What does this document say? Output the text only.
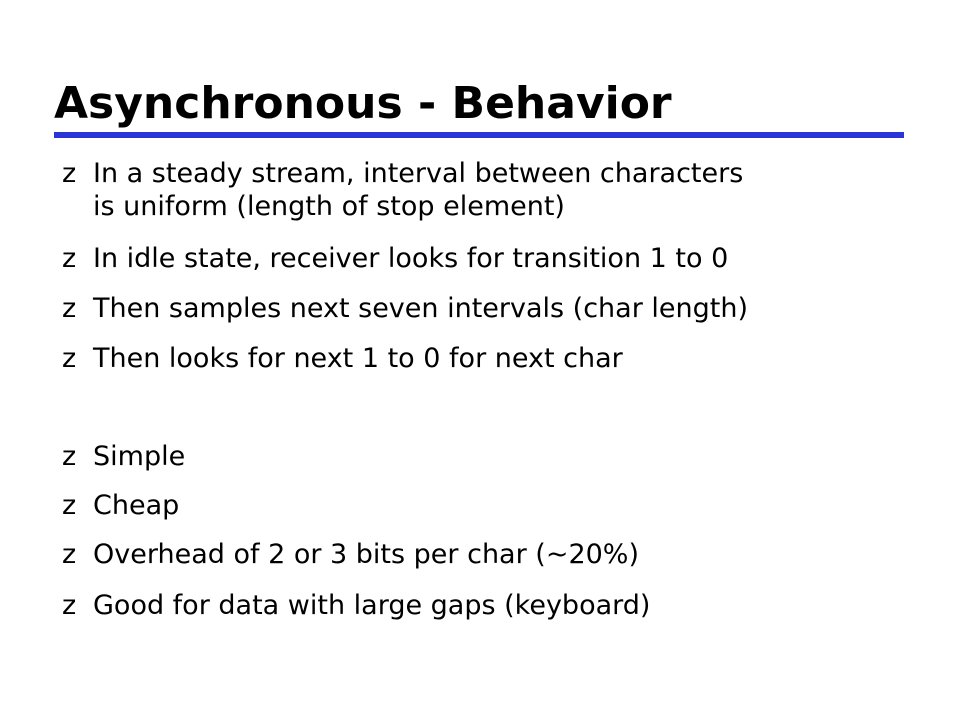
Asynchronous - Behavior
z In a steady stream, interval between characters
is uniform (length of stop element)
z In idle state, receiver looks for transition 1 to 0
z Then samples next seven intervals (char length)
z Then looks for next 1 to 0 for next char
z Simple
z Cheap
z Overhead of 2 or 3 bits per char (~20%)
z Good for data with large gaps (keyboard)
